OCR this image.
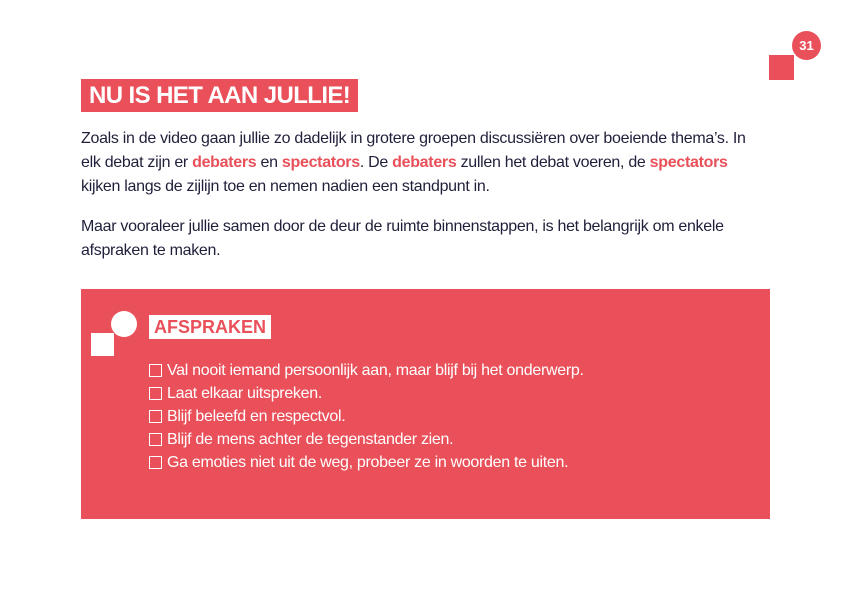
31
NU IS HET AAN JULLIE!

Zoals in de video gaan jullie zo dadelijk in grotere groepen discussiëren over boeiende thema’s. In elk debat zijn er debaters en spectators. De debaters zullen het debat voeren, de spectators kijken langs de zijlijn toe en nemen nadien een standpunt in.

Maar vooraleer jullie samen door de deur de ruimte binnenstappen, is het belangrijk om enkele afspraken te maken.

AFSPRAKEN
Val nooit iemand persoonlijk aan, maar blijf bij het onderwerp.
Laat elkaar uitspreken.
Blijf beleefd en respectvol.
Blijf de mens achter de tegenstander zien.
Ga emoties niet uit de weg, probeer ze in woorden te uiten.
